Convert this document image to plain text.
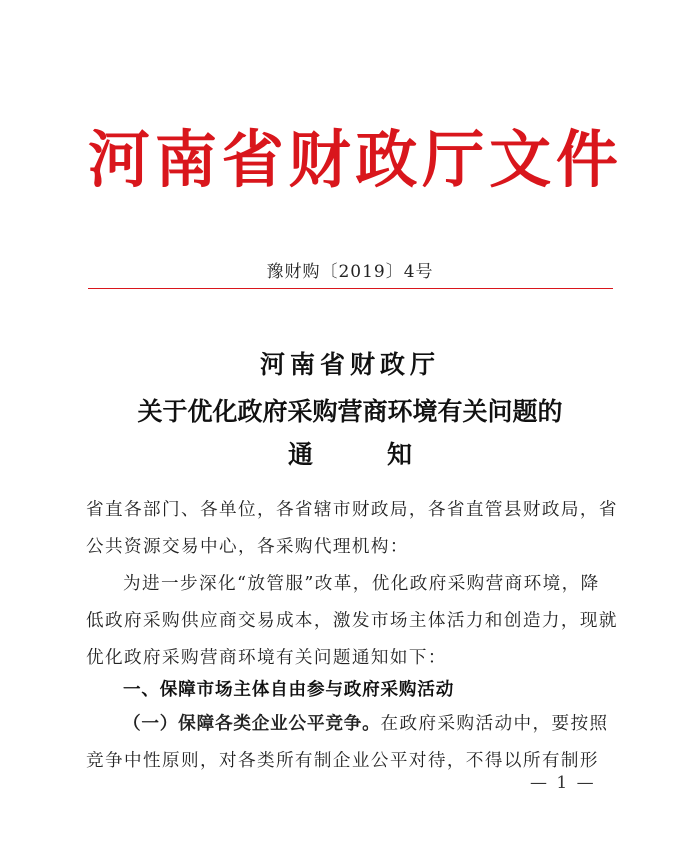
河 南 省 财 政 厅 文 件
豫财购〔2019〕4号
河南省财政厅
关于优化政府采购营商环境有关问题的
通	知
省直各部门、各单位，各省辖市财政局，各省直管县财政局，省
公共资源交易中心，各采购代理机构：
为进一步深化“放管服”改革，优化政府采购营商环境，降
低政府采购供应商交易成本，激发市场主体活力和创造力，现就
优化政府采购营商环境有关问题通知如下：
一、保障市场主体自由参与政府采购活动
（一）保障各类企业公平竞争。在政府采购活动中，要按照
竞争中性原则，对各类所有制企业公平对待，不得以所有制形
— 1 —
